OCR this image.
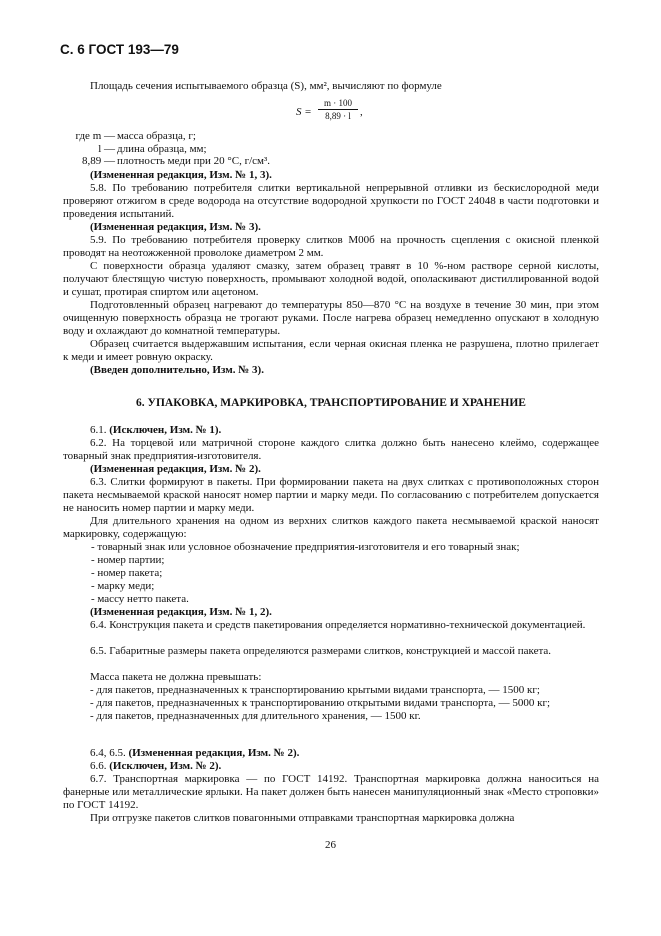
С. 6 ГОСТ 193—79
Площадь сечения испытываемого образца (S), мм², вычисляют по формуле
$S = \frac{m \cdot 100}{8,89 \cdot l}$ ,
где m — масса образца, г;
l — длина образца, мм;
8,89 — плотность меди при 20 °С, г/см³.
(Измененная редакция, Изм. № 1, 3).
5.8. По требованию потребителя слитки вертикальной непрерывной отливки из бескислородной меди проверяют отжигом в среде водорода на отсутствие водородной хрупкости по ГОСТ 24048 в части подготовки и проведения испытаний.
(Измененная редакция, Изм. № 3).
5.9. По требованию потребителя проверку слитков М00б на прочность сцепления с окисной пленкой проводят на неотожженной проволоке диаметром 2 мм.
С поверхности образца удаляют смазку, затем образец травят в 10 %-ном растворе серной кислоты, получают блестящую чистую поверхность, промывают холодной водой, ополаскивают дистиллированной водой и сушат, протирая спиртом или ацетоном.
Подготовленный образец нагревают до температуры 850—870 °С на воздухе в течение 30 мин, при этом очищенную поверхность образца не трогают руками. После нагрева образец немедленно опускают в холодную воду и охлаждают до комнатной температуры.
Образец считается выдержавшим испытания, если черная окисная пленка не разрушена, плотно прилегает к меди и имеет ровную окраску.
(Введен дополнительно, Изм. № 3).
6. УПАКОВКА, МАРКИРОВКА, ТРАНСПОРТИРОВАНИЕ И ХРАНЕНИЕ
6.1. (Исключен, Изм. № 1).
6.2. На торцевой или матричной стороне каждого слитка должно быть нанесено клеймо, содержащее товарный знак предприятия-изготовителя.
(Измененная редакция, Изм. № 2).
6.3. Слитки формируют в пакеты. При формировании пакета на двух слитках с противоположных сторон пакета несмываемой краской наносят номер партии и марку меди. По согласованию с потребителем допускается не наносить номер партии и марку меди.
Для длительного хранения на одном из верхних слитков каждого пакета несмываемой краской наносят маркировку, содержащую:

- товарный знак или условное обозначение предприятия-изготовителя и его товарный знак;

- номер партии;

- номер пакета;

- марку меди;

- массу нетто пакета.

(Измененная редакция, Изм. № 1, 2).
6.4. Конструкция пакета и средств пакетирования определяется нормативно-технической документацией.
6.5. Габаритные размеры пакета определяются размерами слитков, конструкцией и массой пакета.
Масса пакета не должна превышать:

- для пакетов, предназначенных к транспортированию крытыми видами транспорта, — 1500 кг;

- для пакетов, предназначенных к транспортированию открытыми видами транспорта, — 5000 кг;

- для пакетов, предназначенных для длительного хранения, — 1500 кг.

6.4, 6.5. (Измененная редакция, Изм. № 2).
6.6. (Исключен, Изм. № 2).
6.7. Транспортная маркировка — по ГОСТ 14192. Транспортная маркировка должна наноситься на фанерные или металлические ярлыки. На пакет должен быть нанесен манипуляционный знак «Место строповки» по ГОСТ 14192.
При отгрузке пакетов слитков повагонными отправками транспортная маркировка должна
26
